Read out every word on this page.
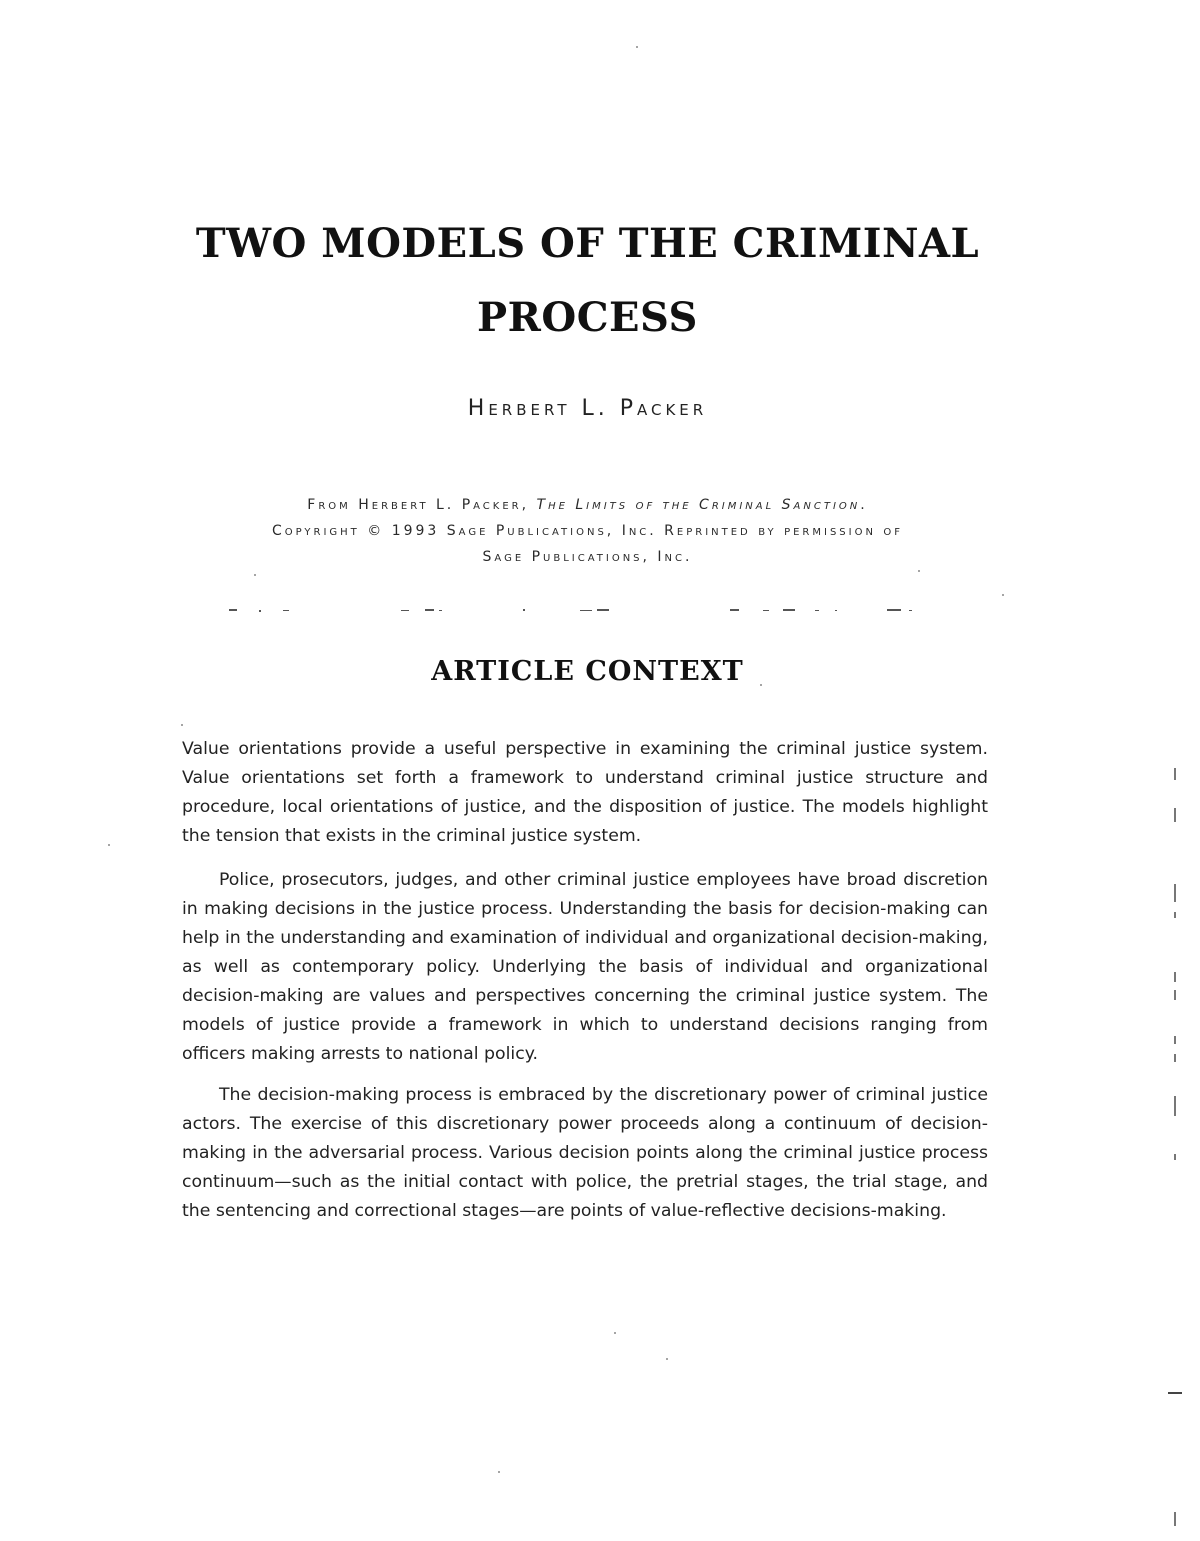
TWO MODELS OF THE CRIMINAL
PROCESS
Herbert L. Packer
From Herbert L. Packer, The Limits of the Criminal Sanction.
Copyright © 1993 Sage Publications, Inc. Reprinted by permission of
Sage Publications, Inc.
ARTICLE CONTEXT

Value orientations provide a useful perspective in examining the criminal justice system. Value orientations set forth a framework to understand criminal justice structure and procedure, local orientations of justice, and the disposition of justice. The models highlight the tension that exists in the criminal justice system.

Police, prosecutors, judges, and other criminal justice employees have broad discretion in making decisions in the justice process. Understanding the basis for decision-making can help in the understanding and examination of individual and organizational decision-making, as well as contemporary policy. Underlying the basis of individual and organizational decision-making are values and perspectives concerning the criminal justice system. The models of justice provide a framework in which to understand decisions ranging from officers making arrests to national policy.

The decision-making process is embraced by the discretionary power of criminal justice actors. The exercise of this discretionary power proceeds along a continuum of decision-making in the adversarial process. Various decision points along the criminal justice process continuum—such as the initial contact with police, the pretrial stages, the trial stage, and the sentencing and correctional stages—are points of value-reflective decisions-making.
